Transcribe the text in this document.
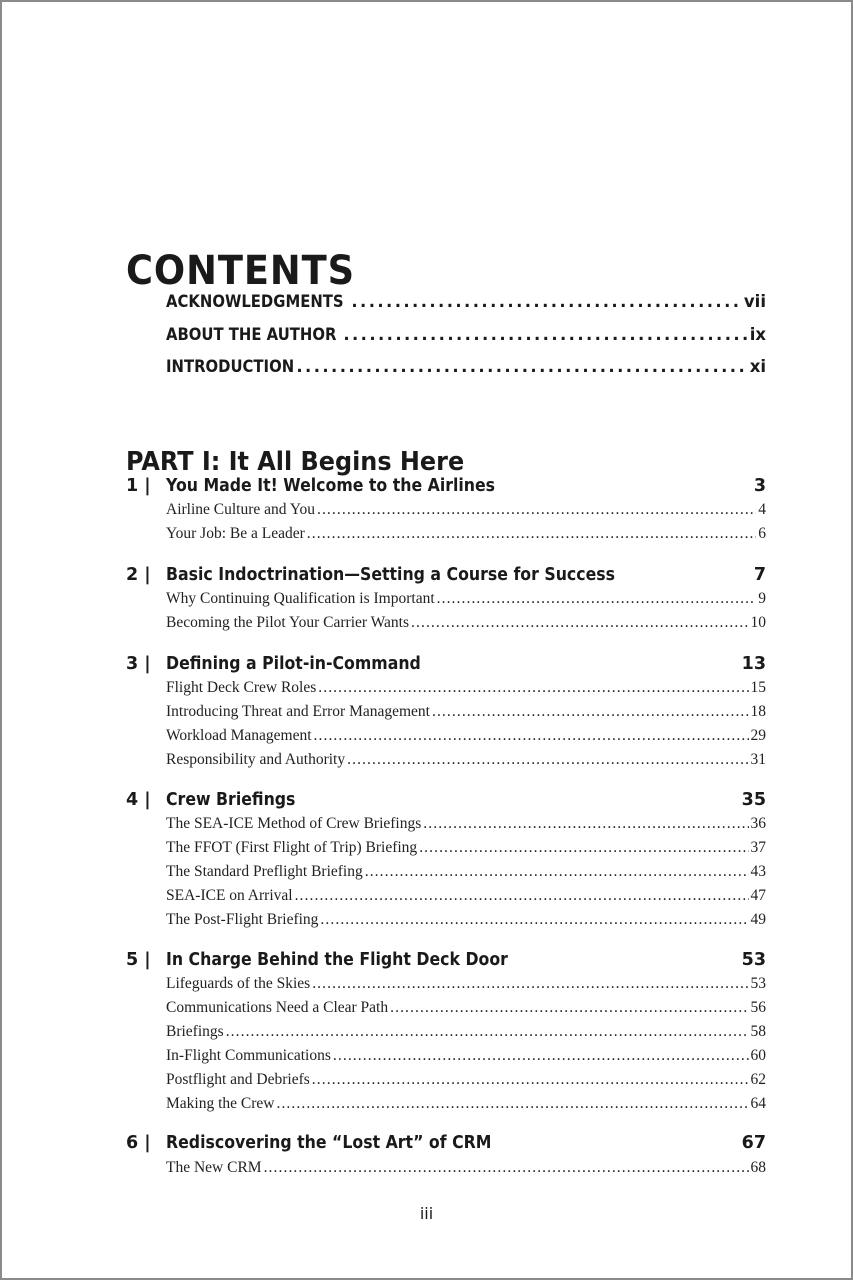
CONTENTS
ACKNOWLEDGMENTS .....	vii
ABOUT THE AUTHOR .....	ix
INTRODUCTION .....	xi
PART I: It All Begins Here
1 | You Made It! Welcome to the Airlines	3
Airline Culture and You .....	4
Your Job: Be a Leader .....	6
2 | Basic Indoctrination—Setting a Course for Success	7
Why Continuing Qualification is Important .....	9
Becoming the Pilot Your Carrier Wants .....	10
3 | Defining a Pilot-in-Command	13
Flight Deck Crew Roles .....	15
Introducing Threat and Error Management .....	18
Workload Management .....	29
Responsibility and Authority .....	31
4 | Crew Briefings	35
The SEA-ICE Method of Crew Briefings .....	36
The FFOT (First Flight of Trip) Briefing .....	37
The Standard Preflight Briefing .....	43
SEA-ICE on Arrival .....	47
The Post-Flight Briefing .....	49
5 | In Charge Behind the Flight Deck Door	53
Lifeguards of the Skies .....	53
Communications Need a Clear Path .....	56
Briefings .....	58
In-Flight Communications .....	60
Postflight and Debriefs .....	62
Making the Crew .....	64
6 | Rediscovering the “Lost Art” of CRM	67
The New CRM .....	68
iii
